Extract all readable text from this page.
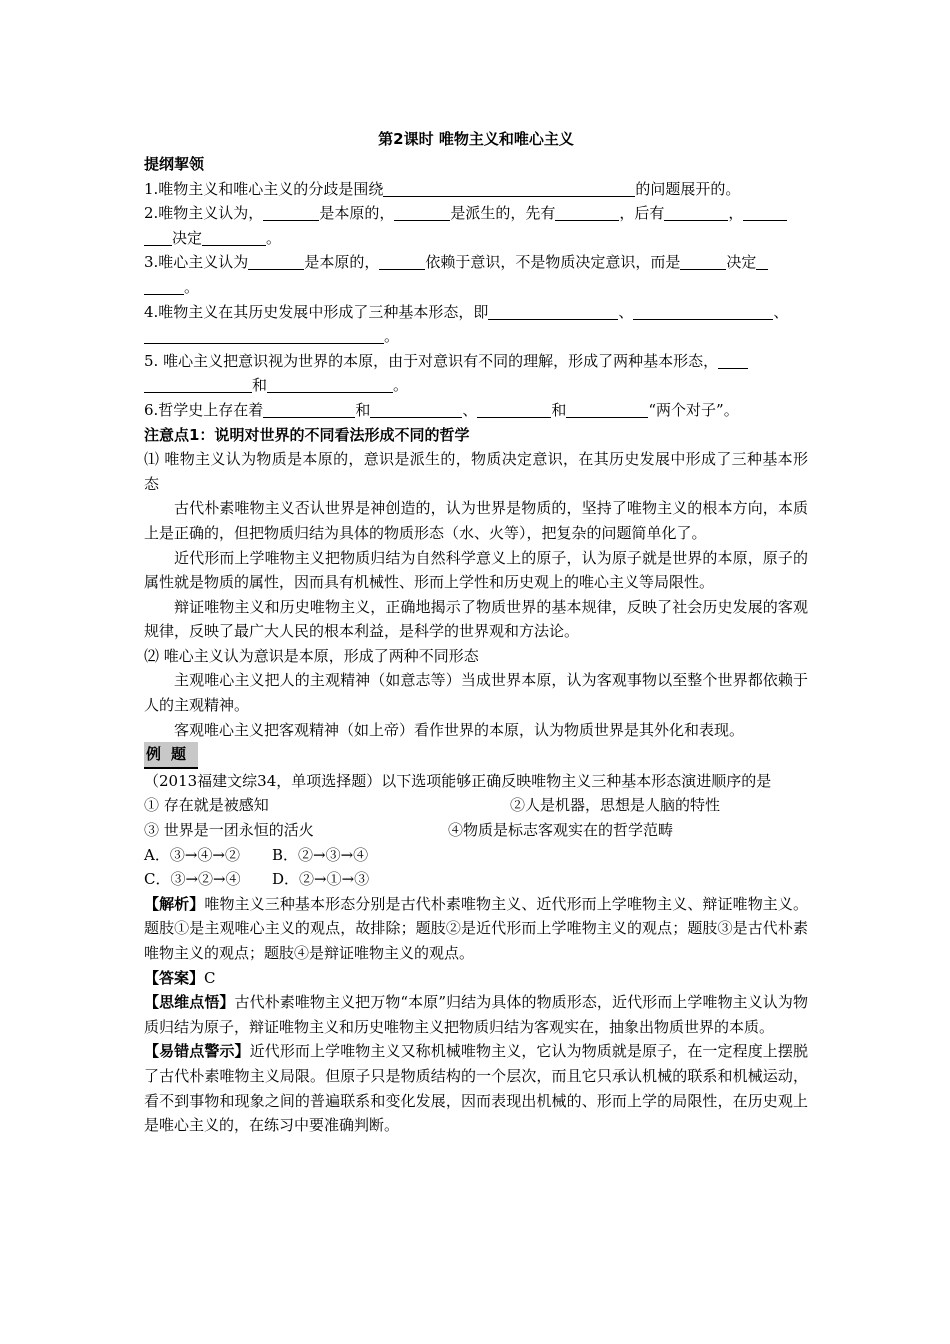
第2课时 唯物主义和唯心主义
提纲挈领
1.唯物主义和唯心主义的分歧是围绕	的问题展开的。
2.唯物主义认为，	是本原的，	是派生的，先有	，后有	，
决定	。
3.唯心主义认为	是本原的，	依赖于意识，不是物质决定意识，而是	决定
。
4.唯物主义在其历史发展中形成了三种基本形态，即	、	、
。
5. 唯心主义把意识视为世界的本原，由于对意识有不同的理解，形成了两种基本形态，
和	。
6.哲学史上存在着	和	、	和	“两个对子”。
注意点1：说明对世界的不同看法形成不同的哲学
⑴ 唯物主义认为物质是本原的，意识是派生的，物质决定意识，在其历史发展中形成了三种基本形态
古代朴素唯物主义否认世界是神创造的，认为世界是物质的，坚持了唯物主义的根本方向，本质上是正确的，但把物质归结为具体的物质形态（水、火等），把复杂的问题简单化了。
近代形而上学唯物主义把物质归结为自然科学意义上的原子，认为原子就是世界的本原，原子的属性就是物质的属性，因而具有机械性、形而上学性和历史观上的唯心主义等局限性。
辩证唯物主义和历史唯物主义，正确地揭示了物质世界的基本规律，反映了社会历史发展的客观规律，反映了最广大人民的根本利益，是科学的世界观和方法论。
⑵ 唯心主义认为意识是本原，形成了两种不同形态
主观唯心主义把人的主观精神（如意志等）当成世界本原，认为客观事物以至整个世界都依赖于人的主观精神。
客观唯心主义把客观精神（如上帝）看作世界的本原，认为物质世界是其外化和表现。
例题
（2013福建文综34，单项选择题）以下选项能够正确反映唯物主义三种基本形态演进顺序的是
① 存在就是被感知	②人是机器，思想是人脑的特性
③ 世界是一团永恒的活火	④物质是标志客观实在的哲学范畴
A．③→④→② B．②→③→④
C．③→②→④ D．②→①→③
【解析】唯物主义三种基本形态分别是古代朴素唯物主义、近代形而上学唯物主义、辩证唯物主义。题肢①是主观唯心主义的观点，故排除；题肢②是近代形而上学唯物主义的观点；题肢③是古代朴素唯物主义的观点；题肢④是辩证唯物主义的观点。
【答案】C
【思维点悟】古代朴素唯物主义把万物“本原”归结为具体的物质形态，近代形而上学唯物主义认为物质归结为原子，辩证唯物主义和历史唯物主义把物质归结为客观实在，抽象出物质世界的本质。
【易错点警示】近代形而上学唯物主义又称机械唯物主义，它认为物质就是原子，在一定程度上摆脱了古代朴素唯物主义局限。但原子只是物质结构的一个层次，而且它只承认机械的联系和机械运动，看不到事物和现象之间的普遍联系和变化发展，因而表现出机械的、形而上学的局限性，在历史观上是唯心主义的，在练习中要准确判断。
